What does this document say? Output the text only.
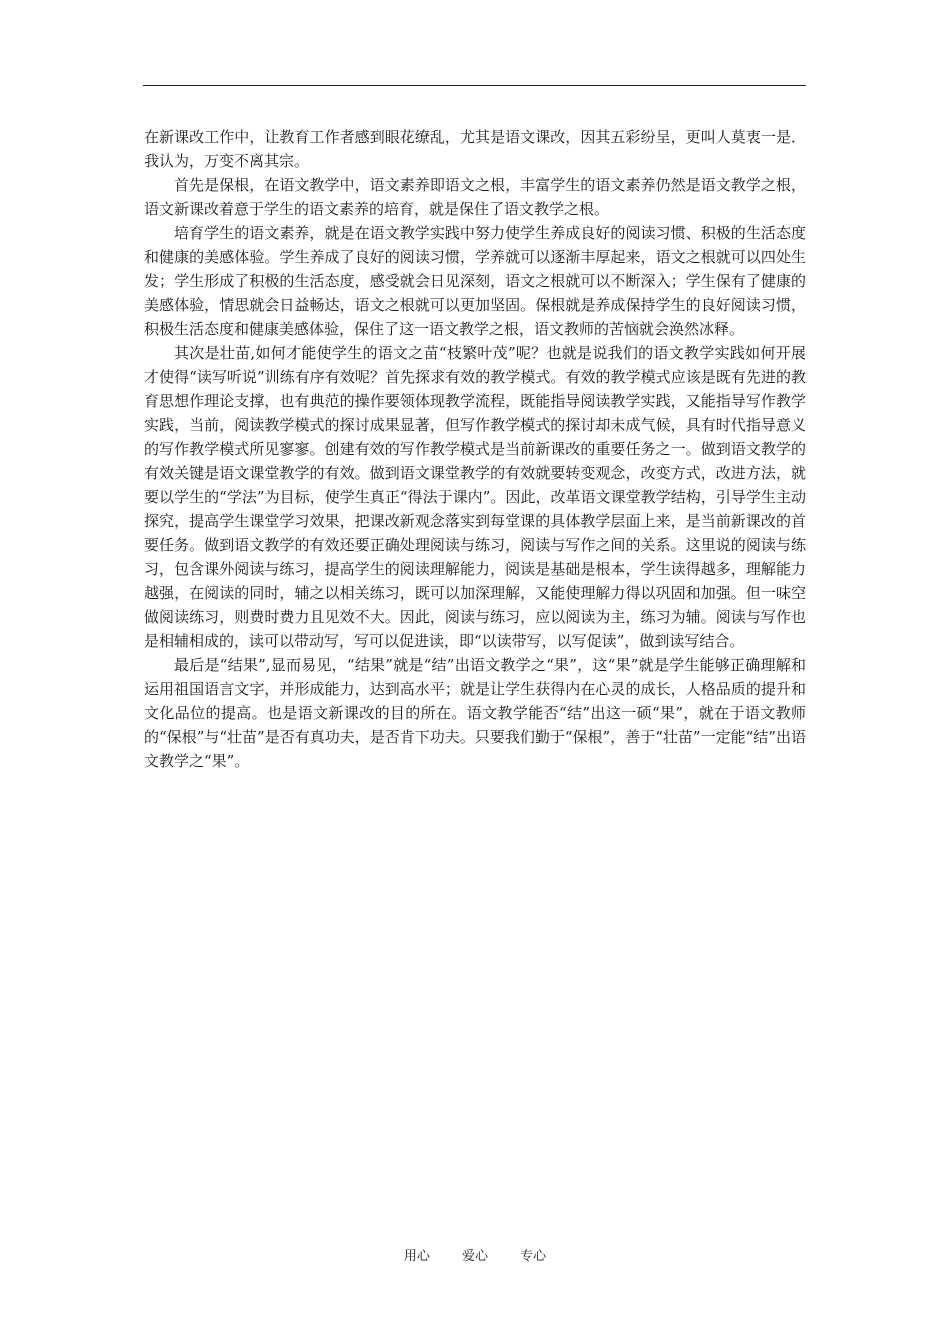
在新课改工作中，让教育工作者感到眼花缭乱，尤其是语文课改，因其五彩纷呈，更叫人莫衷一是．我认为，万变不离其宗。

首先是保根，在语文教学中，语文素养即语文之根，丰富学生的语文素养仍然是语文教学之根，语文新课改着意于学生的语文素养的培育，就是保住了语文教学之根。

培育学生的语文素养，就是在语文教学实践中努力使学生养成良好的阅读习惯、积极的生活态度和健康的美感体验。学生养成了良好的阅读习惯，学养就可以逐渐丰厚起来，语文之根就可以四处生发；学生形成了积极的生活态度，感受就会日见深刻，语文之根就可以不断深入；学生保有了健康的美感体验，情思就会日益畅达，语文之根就可以更加坚固。保根就是养成保持学生的良好阅读习惯，积极生活态度和健康美感体验，保住了这一语文教学之根，语文教师的苦恼就会涣然冰释。

其次是壮苗,如何才能使学生的语文之苗“枝繁叶茂”呢？也就是说我们的语文教学实践如何开展才使得“读写听说”训练有序有效呢？首先探求有效的教学模式。有效的教学模式应该是既有先进的教育思想作理论支撑，也有典范的操作要领体现教学流程，既能指导阅读教学实践，又能指导写作教学实践，当前，阅读教学模式的探讨成果显著，但写作教学模式的探讨却未成气候，具有时代指导意义的写作教学模式所见寥寥。创建有效的写作教学模式是当前新课改的重要任务之一。做到语文教学的有效关键是语文课堂教学的有效。做到语文课堂教学的有效就要转变观念，改变方式，改进方法，就要以学生的“学法”为目标，使学生真正“得法于课内”。因此，改革语文课堂教学结构，引导学生主动探究，提高学生课堂学习效果，把课改新观念落实到每堂课的具体教学层面上来，是当前新课改的首要任务。做到语文教学的有效还要正确处理阅读与练习，阅读与写作之间的关系。这里说的阅读与练习，包含课外阅读与练习，提高学生的阅读理解能力，阅读是基础是根本，学生读得越多，理解能力越强，在阅读的同时，辅之以相关练习，既可以加深理解，又能使理解力得以巩固和加强。但一味空做阅读练习，则费时费力且见效不大。因此，阅读与练习，应以阅读为主，练习为辅。阅读与写作也是相辅相成的，读可以带动写，写可以促进读，即“以读带写，以写促读”，做到读写结合。

最后是“结果”,显而易见，“结果”就是“结”出语文教学之“果”，这“果”就是学生能够正确理解和运用祖国语言文字，并形成能力，达到高水平；就是让学生获得内在心灵的成长，人格品质的提升和文化品位的提高。也是语文新课改的目的所在。语文教学能否“结”出这一硕“果”，就在于语文教师的“保根”与“壮苗”是否有真功夫，是否肯下功夫。只要我们勤于“保根”，善于“壮苗”一定能“结”出语文教学之“果”。

用心 爱心 专心
